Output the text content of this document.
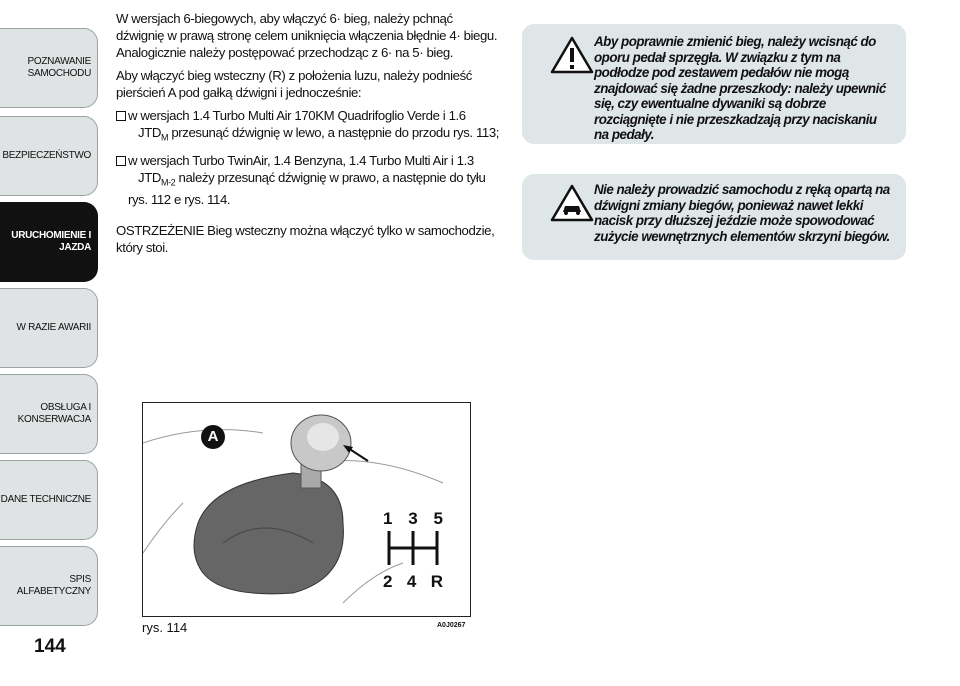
POZNAWANIE
SAMOCHODU
BEZPIECZEŃSTWO
URUCHOMIENIE I
JAZDA
W RAZIE AWARII
OBSŁUGA I
KONSERWACJA
DANE TECHNICZNE
SPIS ALFABETYCZNY
144

W wersjach 6-biegowych, aby włączyć 6· bieg, należy pchnąć dźwignię w prawą stronę celem uniknięcia włączenia błędnie 4· biegu. Analogicznie należy postępować przechodząc z 6· na 5· bieg.

Aby włączyć bieg wsteczny (R) z położenia luzu, należy podnieść pierścień A pod gałką dźwigni i jednocześnie:

w wersjach 1.4 Turbo Multi Air 170KM Quadrifoglio Verde i 1.6
$JTD_M$ przesunąć dźwignię w lewo, a następnie do przodu rys. 113;
w wersjach Turbo TwinAir, 1.4 Benzyna, 1.4 Turbo Multi Air i 1.3
$JTD_{M-2}$ należy przesunąć dźwignię w prawo, a następnie do tyłu rys. 112 e rys. 114.

OSTRZEŻENIE Bieg wsteczny można włączyć tylko w samochodzie, który stoi.

Aby poprawnie zmienić bieg, należy wcisnąć do oporu pedał sprzęgła. W związku z tym na podłodze pod zestawem pedałów nie mogą znajdować się żadne przeszkody: należy upewnić się, czy ewentualne dywaniki są dobrze rozciągnięte i nie przeszkadzają przy naciskaniu na pedały.
Nie należy prowadzić samochodu z ręką opartą na dźwigni zmiany biegów, ponieważ nawet lekki nacisk przy dłuższej jeździe może spowodować zużycie wewnętrznych elementów skrzyni biegów.
A
1 3 5
2 4 R
rys. 114	A0J0267
